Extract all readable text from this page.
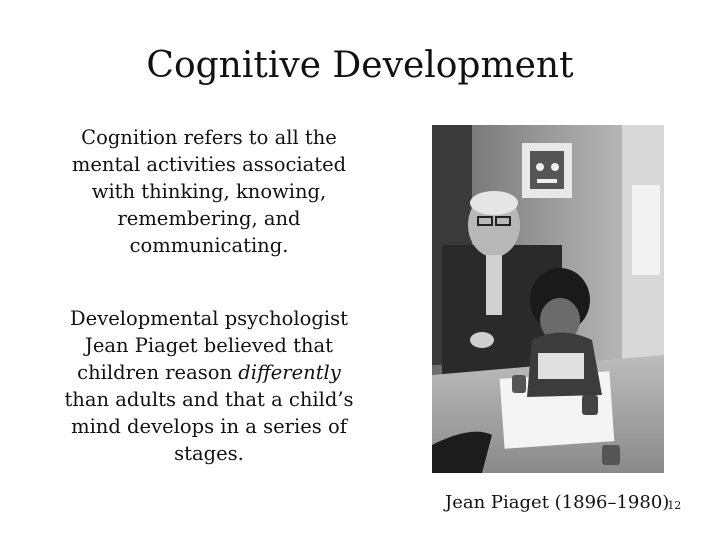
Cognitive Development
Cognition refers to all the mental activities associated with thinking, knowing, remembering, and communicating.
Developmental psychologist Jean Piaget believed that children reason differently than adults and that a child’s mind develops in a series of stages.
Jean Piaget (1896–1980)12
